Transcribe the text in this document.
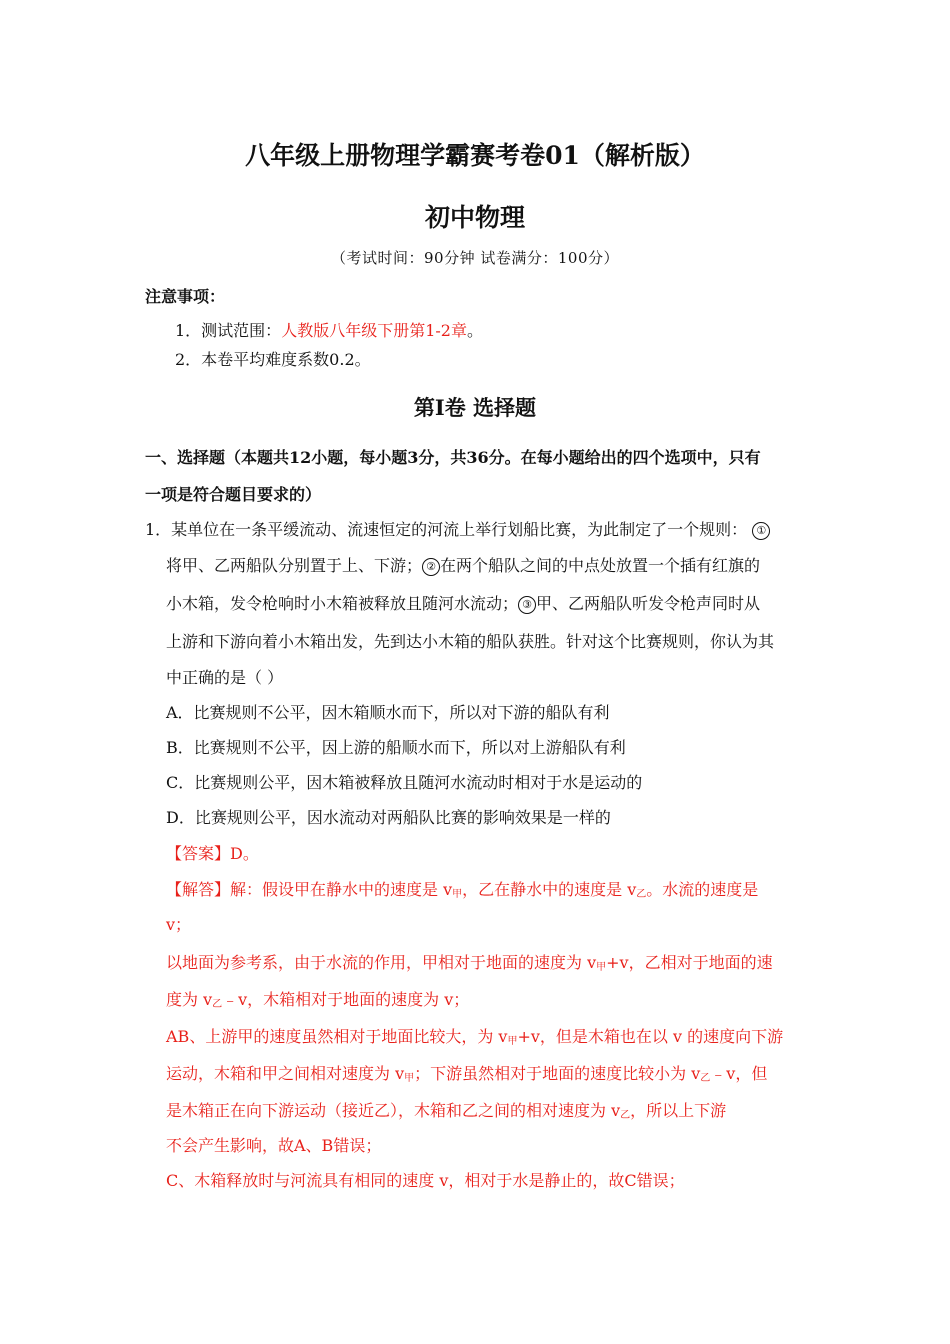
八年级上册物理学霸赛考卷01（解析版）
初中物理
（考试时间：90分钟 试卷满分：100分）
注意事项：
1．测试范围：人教版八年级下册第1-2章。
2．本卷平均难度系数0.2。
第Ⅰ卷 选择题
一、选择题（本题共12小题，每小题3分，共36分。在每小题给出的四个选项中，只有
一项是符合题目要求的）
1．某单位在一条平缓流动、流速恒定的河流上举行划船比赛，为此制定了一个规则： ①
将甲、乙两船队分别置于上、下游； ② 在两个船队之间的中点处放置一个插有红旗的
小木箱，发令枪响时小木箱被释放且随河水流动； ③ 甲、乙两船队听发令枪声同时从
上游和下游向着小木箱出发，先到达小木箱的船队获胜。针对这个比赛规则，你认为其
中正确的是（ ）
A．比赛规则不公平，因木箱顺水而下，所以对下游的船队有利
B．比赛规则不公平，因上游的船顺水而下，所以对上游船队有利
C．比赛规则公平，因木箱被释放且随河水流动时相对于水是运动的
D．比赛规则公平，因水流动对两船队比赛的影响效果是一样的
【答案】D。
【解答】解：假设甲在静水中的速度是 $v_甲$，乙在静水中的速度是 $v_乙$。水流的速度是
v；
以地面为参考系，由于水流的作用，甲相对于地面的速度为 $v_甲+v$，乙相对于地面的速
度为 $v_乙﹣v$，木箱相对于地面的速度为 v；
AB、上游甲的速度虽然相对于地面比较大，为 $v_甲+v$，但是木箱也在以 v 的速度向下游
运动，木箱和甲之间相对速度为 $v_甲$；下游虽然相对于地面的速度比较小为 $v_乙﹣v$，但
是木箱正在向下游运动（接近乙），木箱和乙之间的相对速度为 $v_乙$，所以上下游
不会产生影响，故A、B错误；
C、木箱释放时与河流具有相同的速度 v，相对于水是静止的，故C错误；
